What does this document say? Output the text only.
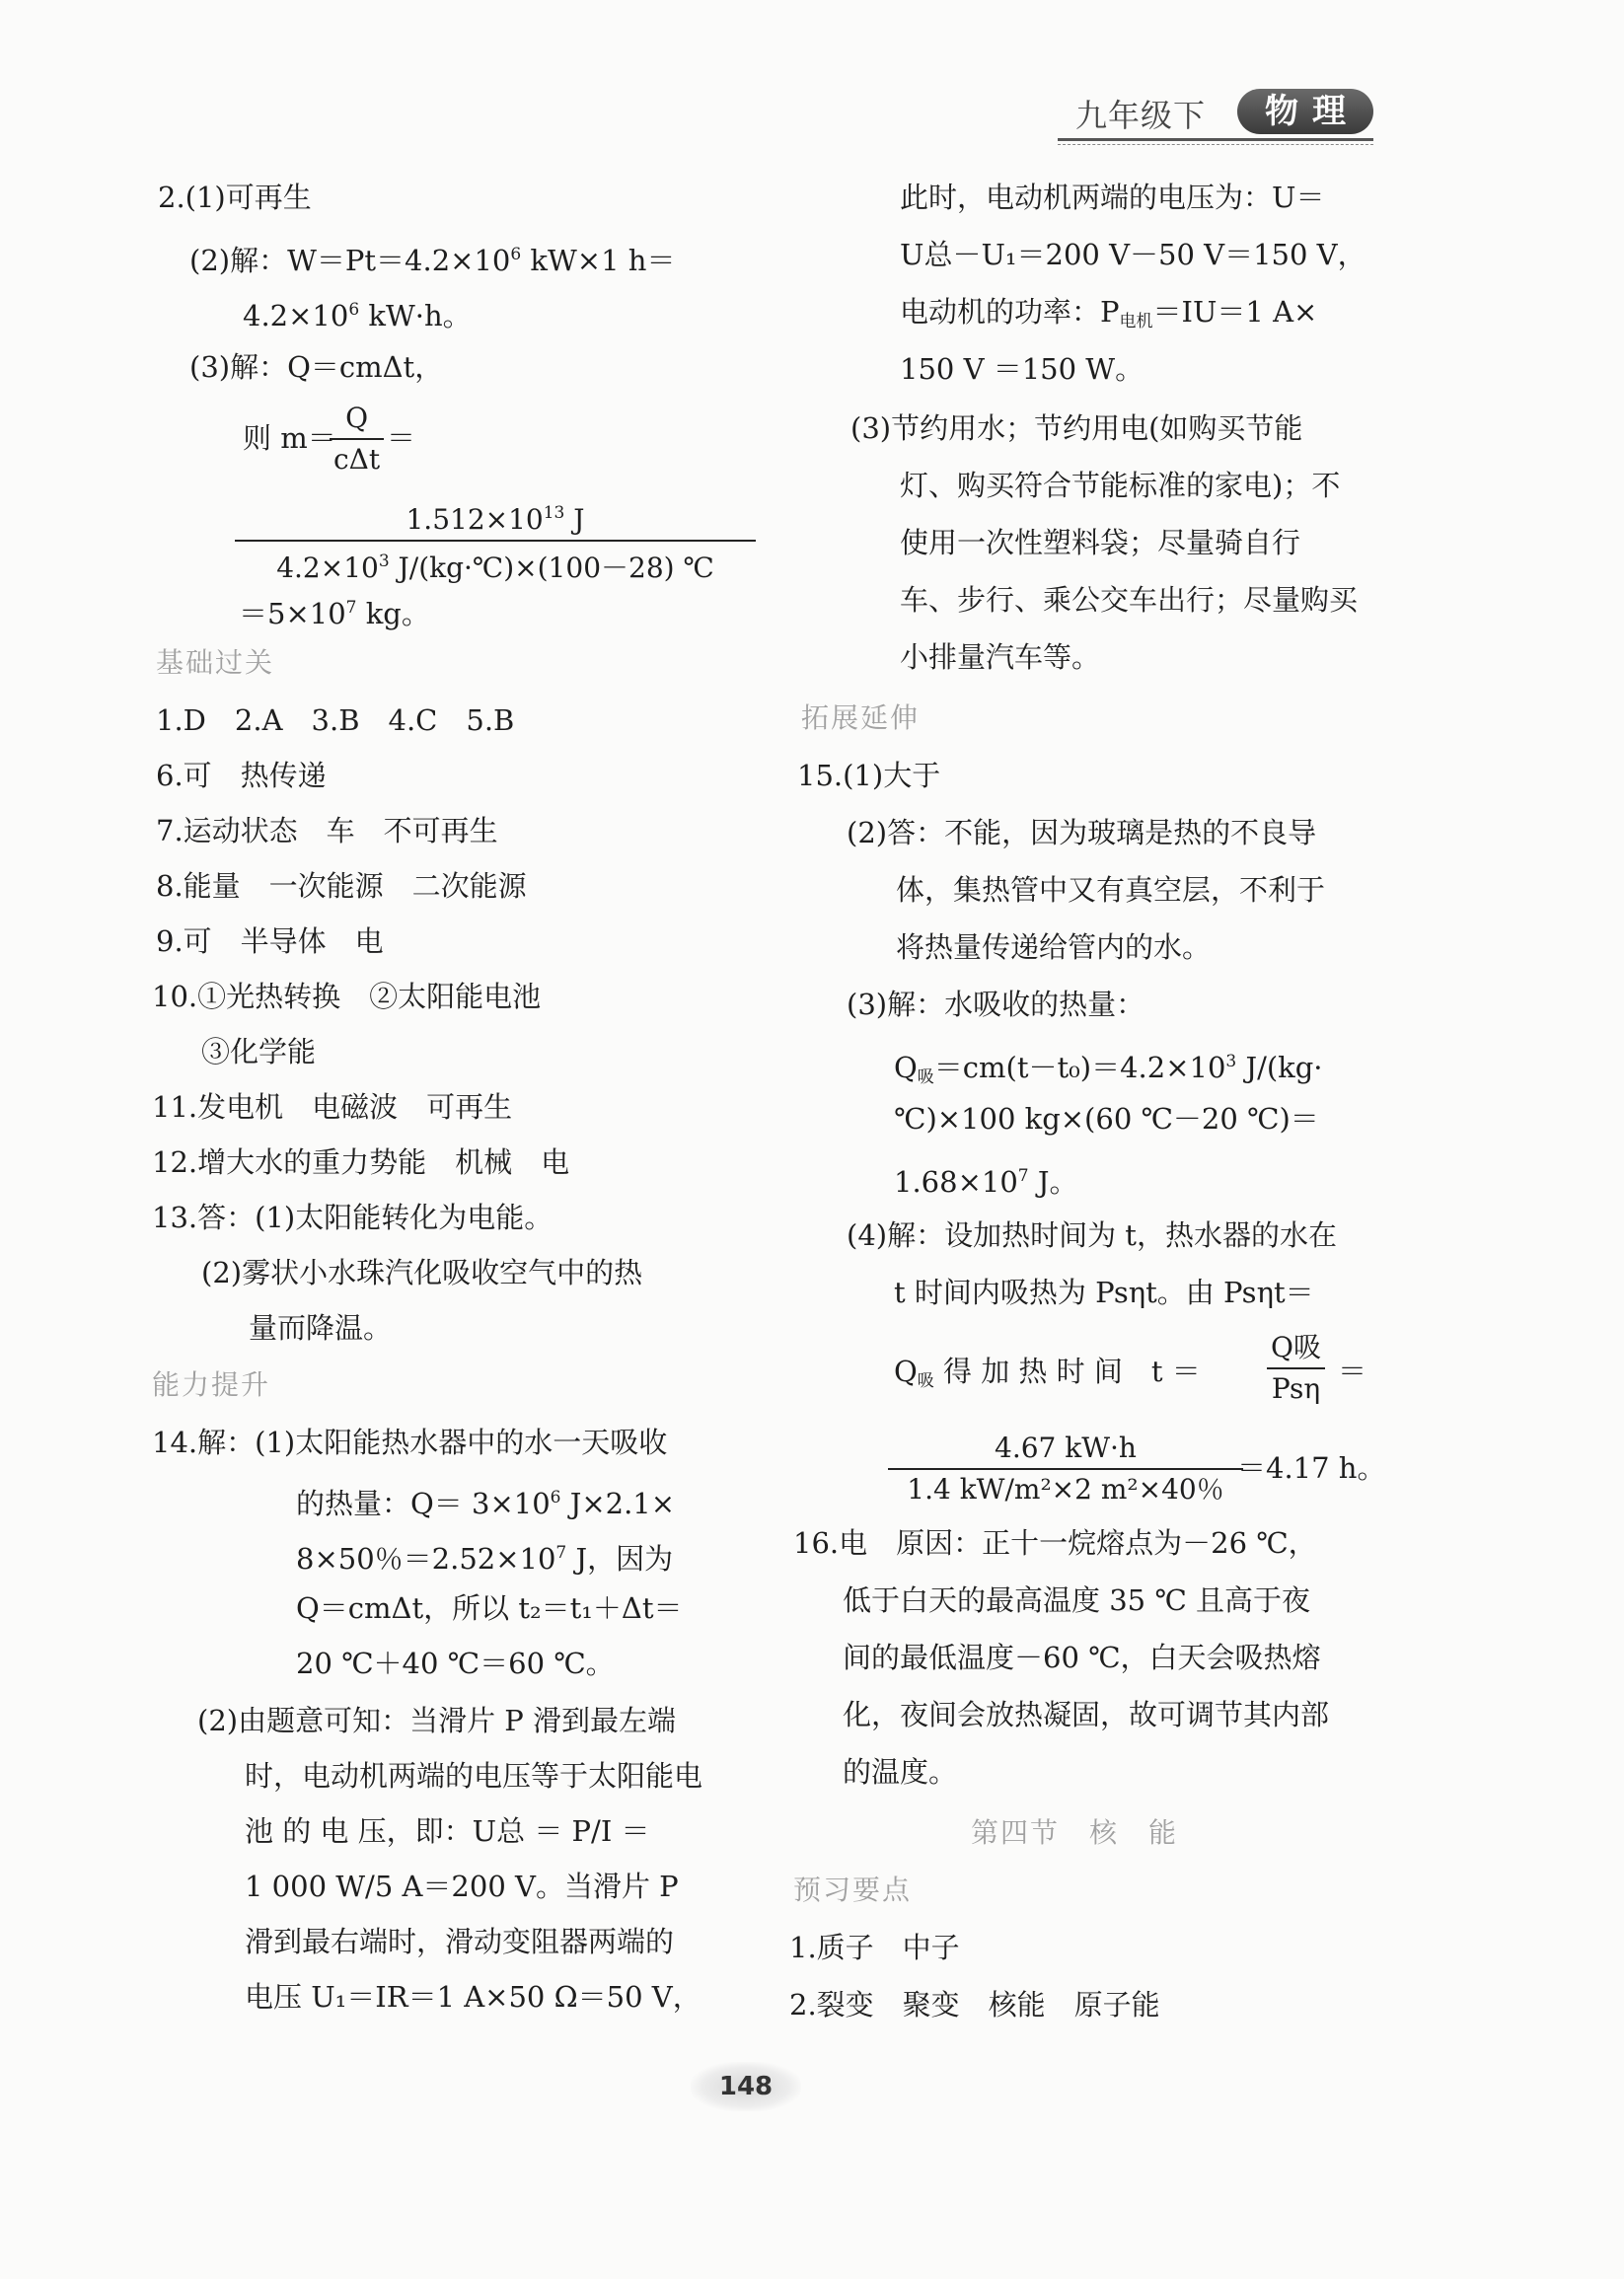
九年级下	物理
2.(1)可再生
(2)解：$W=Pt=4.2\times 10^6$ kW×1 h＝
$4.2\times 10^6$ kW·h。
(3)解：Q＝cmΔt，
则 m＝
Q
cΔt
＝
$\frac{1.512\times 10^{13} J}{4.2\times 10^3 J/(kg\cdot℃)\times(100-28) ℃}$
$=5\times 10^7$ kg。
基础过关
1.D　2.A　3.B　4.C　5.B
6.可　热传递
7.运动状态　车　不可再生
8.能量　一次能源　二次能源
9.可　半导体　电
10.①光热转换　②太阳能电池
③化学能
11.发电机　电磁波　可再生
12.增大水的重力势能　机械　电
13.答：(1)太阳能转化为电能。
(2)雾状小水珠汽化吸收空气中的热
量而降温。
能力提升
14.解：(1)太阳能热水器中的水一天吸收
的热量：$Q= 3\times 10^6$ J×2.1×
8×50％$=2.52\times 10^7$ J，因为
Q＝cmΔt，所以 t₂＝t₁＋Δt＝
20 ℃＋40 ℃＝60 ℃。
(2)由题意可知：当滑片 P 滑到最左端
时，电动机两端的电压等于太阳能电
池 的 电 压，即：U总 ＝ P/I ＝
1 000 W/5 A＝200 V。当滑片 P
滑到最右端时，滑动变阻器两端的
电压 U₁＝IR＝1 A×50 Ω＝50 V，
此时，电动机两端的电压为：U＝
U总－U₁＝200 V－50 V＝150 V，
电动机的功率：$P_{电机}=IU=1$ A×
150 V ＝150 W。
(3)节约用水；节约用电(如购买节能
灯、购买符合节能标准的家电)；不
使用一次性塑料袋；尽量骑自行
车、步行、乘公交车出行；尽量购买
小排量汽车等。
拓展延伸
15.(1)大于
(2)答：不能，因为玻璃是热的不良导
体，集热管中又有真空层，不利于
将热量传递给管内的水。
(3)解：水吸收的热量：
$Q_吸=cm(t-t_0)=4.2\times 10^3$ J/(kg·
℃)×100 kg×(60 ℃－20 ℃)＝
$1.68\times 10^7$ J。
(4)解：设加热时间为 t，热水器的水在
t 时间内吸热为 Psηt。由 Psηt＝
$Q_吸$ 得 加 热 时 间　t ＝
Q吸
Psη
＝
$\frac{4.67 kW\cdot h}{\text{1.4 kW/m²×2 m²×40％}}$
＝4.17 h。
16.电　原因：正十一烷熔点为－26 ℃，
低于白天的最高温度 35 ℃ 且高于夜
间的最低温度－60 ℃，白天会吸热熔
化，夜间会放热凝固，故可调节其内部
的温度。
第四节　核　能
预习要点
1.质子　中子
2.裂变　聚变　核能　原子能
148
